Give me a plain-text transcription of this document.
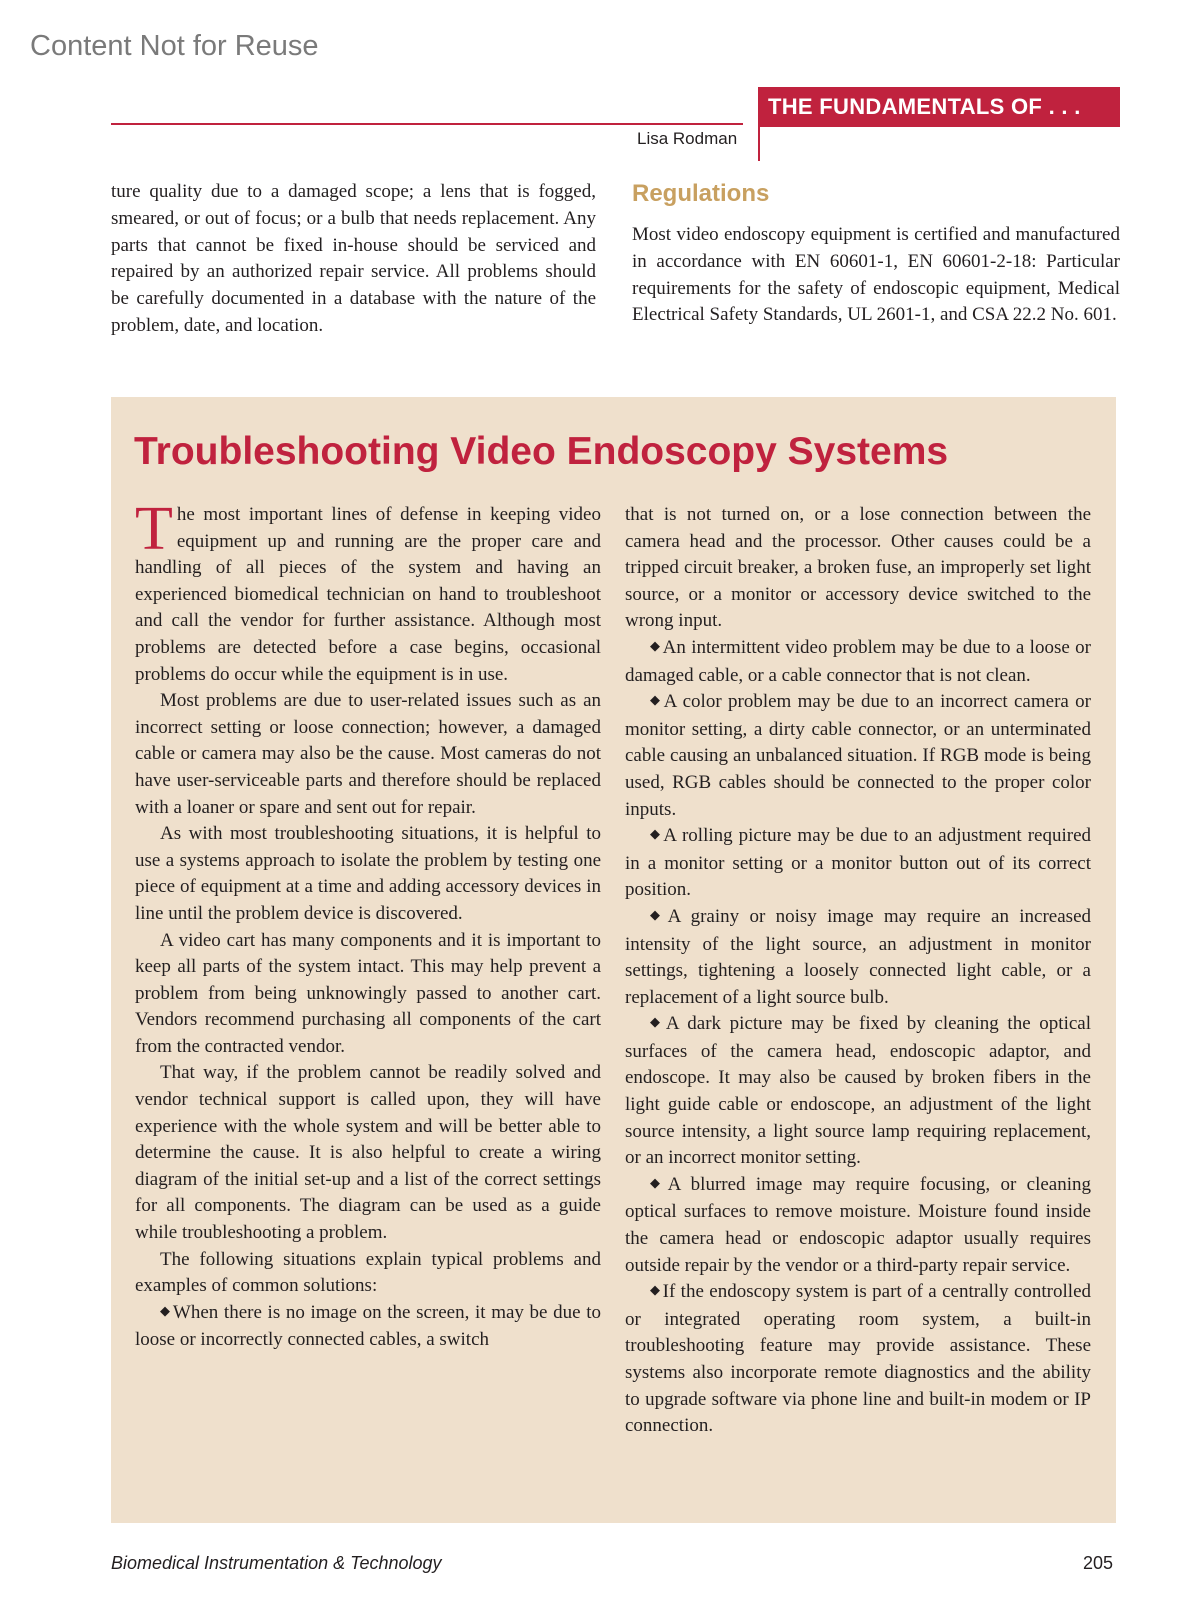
Content Not for Reuse
THE FUNDAMENTALS OF . . .
Lisa Rodman

ture quality due to a damaged scope; a lens that is fogged, smeared, or out of focus; or a bulb that needs replacement. Any parts that cannot be fixed in-house should be serviced and repaired by an authorized repair service. All problems should be carefully documented in a database with the nature of the problem, date, and location.

Regulations

Most video endoscopy equipment is certified and manufactured in accordance with EN 60601-1, EN 60601-2-18: Particular requirements for the safety of endoscopic equipment, Medical Electrical Safety Standards, UL 2601-1, and CSA 22.2 No. 601.

Troubleshooting Video Endoscopy Systems

The most important lines of defense in keeping video equipment up and running are the proper care and handling of all pieces of the system and having an experienced biomedical technician on hand to troubleshoot and call the vendor for further assistance. Although most problems are detected before a case begins, occasional problems do occur while the equipment is in use.

Most problems are due to user-related issues such as an incorrect setting or loose connection; however, a damaged cable or camera may also be the cause. Most cameras do not have user-serviceable parts and therefore should be replaced with a loaner or spare and sent out for repair.

As with most troubleshooting situations, it is helpful to use a systems approach to isolate the problem by testing one piece of equipment at a time and adding accessory devices in line until the problem device is discovered.

A video cart has many components and it is important to keep all parts of the system intact. This may help prevent a problem from being unknowingly passed to another cart. Vendors recommend purchasing all components of the cart from the contracted vendor.

That way, if the problem cannot be readily solved and vendor technical support is called upon, they will have experience with the whole system and will be better able to determine the cause. It is also helpful to create a wiring diagram of the initial set-up and a list of the correct settings for all components. The diagram can be used as a guide while troubleshooting a problem.

The following situations explain typical problems and examples of common solutions:

◆ When there is no image on the screen, it may be due to loose or incorrectly connected cables, a switch

that is not turned on, or a lose connection between the camera head and the processor. Other causes could be a tripped circuit breaker, a broken fuse, an improperly set light source, or a monitor or accessory device switched to the wrong input.

◆ An intermittent video problem may be due to a loose or damaged cable, or a cable connector that is not clean.

◆ A color problem may be due to an incorrect camera or monitor setting, a dirty cable connector, or an unterminated cable causing an unbalanced situation. If RGB mode is being used, RGB cables should be connected to the proper color inputs.

◆ A rolling picture may be due to an adjustment required in a monitor setting or a monitor button out of its correct position.

◆ A grainy or noisy image may require an increased intensity of the light source, an adjustment in monitor settings, tightening a loosely connected light cable, or a replacement of a light source bulb.

◆ A dark picture may be fixed by cleaning the optical surfaces of the camera head, endoscopic adaptor, and endoscope. It may also be caused by broken fibers in the light guide cable or endoscope, an adjustment of the light source intensity, a light source lamp requiring replacement, or an incorrect monitor setting.

◆ A blurred image may require focusing, or cleaning optical surfaces to remove moisture. Moisture found inside the camera head or endoscopic adaptor usually requires outside repair by the vendor or a third-party repair service.

◆ If the endoscopy system is part of a centrally controlled or integrated operating room system, a built-in troubleshooting feature may provide assistance. These systems also incorporate remote diagnostics and the ability to upgrade software via phone line and built-in modem or IP connection.

Biomedical Instrumentation & Technology	205
